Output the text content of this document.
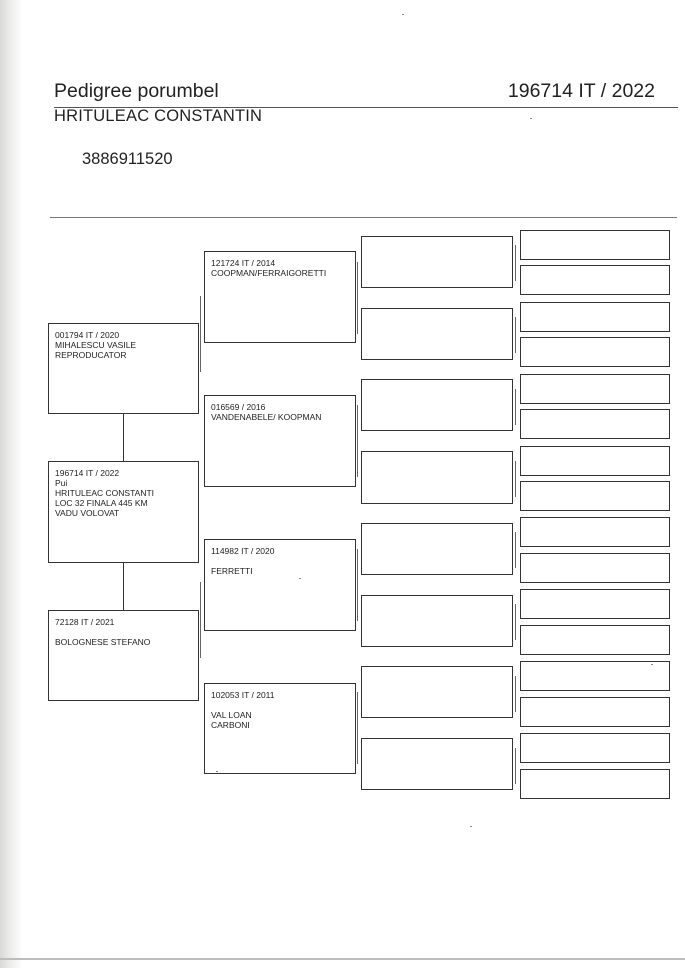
Pedigree porumbel	196714 IT / 2022
HRITULEAC CONSTANTIN
3886911520
001794 IT / 2020
MIHALESCU VASILE
REPRODUCATOR
196714 IT / 2022
Pui
HRITULEAC CONSTANTI
LOC 32 FINALA 445 KM
VADU VOLOVAT
72128 IT / 2021

BOLOGNESE STEFANO
121724 IT / 2014
COOPMAN/FERRAIGORETTI
016569 / 2016
VANDENABELE/ KOOPMAN
114982 IT / 2020

FERRETTI
102053 IT / 2011

VAL LOAN
CARBONI
